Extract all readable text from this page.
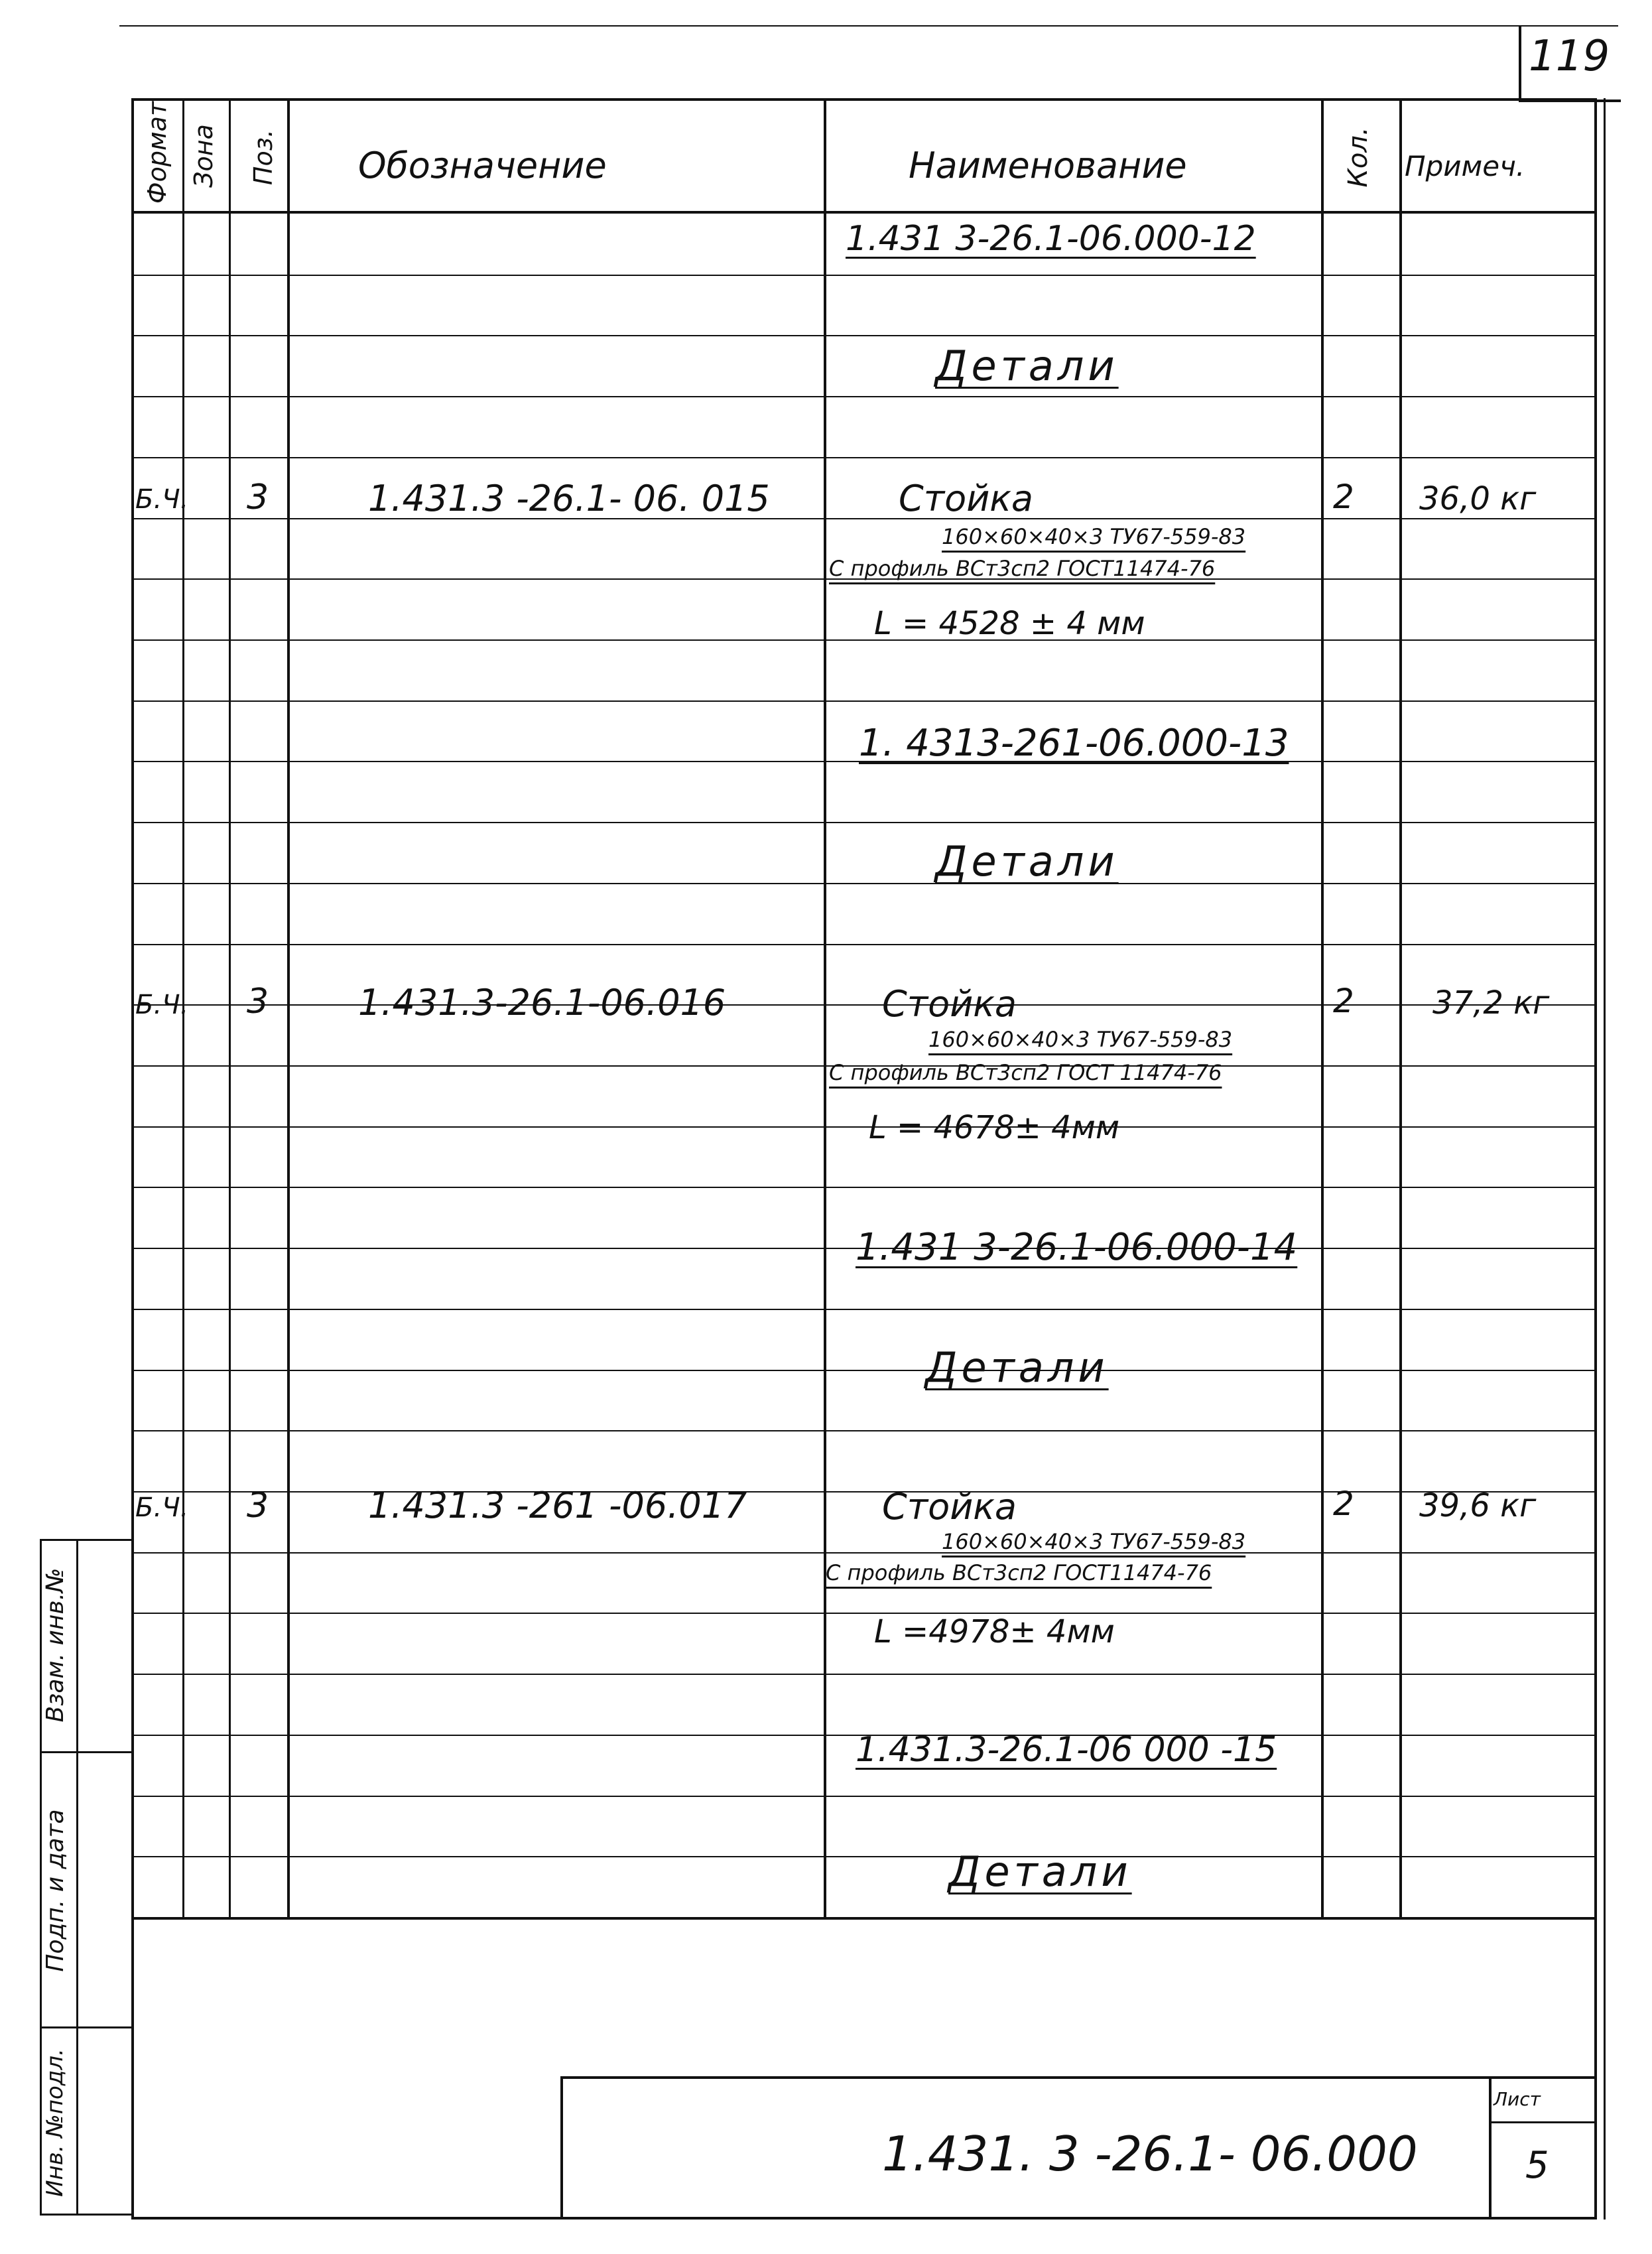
119
Формат Зона Поз. Обозначение	Наименование	Кол. Примеч.
1.431 3-26.1-06.000-12
Детали
Б.Ч. 3	1.431.3 -26.1- 06. 015	Стойка	2 36,0 кг
160×60×40×3 ТУ67-559-83
С профиль ВСт3сп2 ГОСТ11474-76
L = 4528 ± 4 мм
1. 4313-261-06.000-13
Детали
Б.Ч. 3 1.431.3-26.1-06.016	Стойка	2 37,2 кг
160×60×40×3 ТУ67-559-83
С профиль ВСт3сп2 ГОСТ 11474-76
L = 4678± 4мм
1.431 3-26.1-06.000-14
Детали
Б.Ч. 3	1.431.3 -261 -06.017	Стойка	2 39,6 кг
160×60×40×3 ТУ67-559-83
С профиль ВСт3сп2 ГОСТ11474-76
L =4978± 4мм
1.431.3-26.1-06 000 -15
Детали
Взам. инв.№
Подп. и дата
Инв. №подл.	1.431. 3 -26.1- 06.000
Лист
5
